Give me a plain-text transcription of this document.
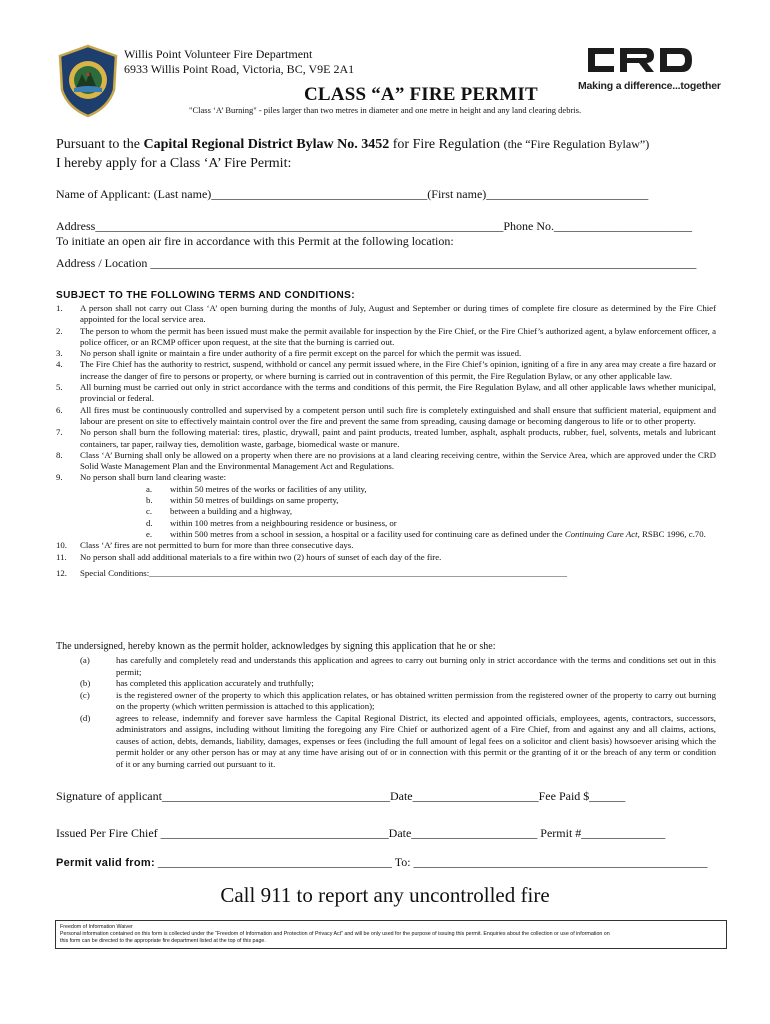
Willis Point Volunteer Fire Department
6933 Willis Point Road, Victoria, BC, V9E 2A1
Making a difference...together
CLASS “A” FIRE PERMIT
"Class ‘A’ Burning" - piles larger than two metres in diameter and one metre in height and any land clearing debris.
Pursuant to the Capital Regional District Bylaw No. 3452 for Fire Regulation (the “Fire Regulation Bylaw”)
I hereby apply for a Class ‘A’ Fire Permit:
Name of Applicant: (Last name)____________________________________(First name)___________________________
Address____________________________________________________________________Phone No._______________________
To initiate an open air fire in accordance with this Permit at the following location:
Address / Location ___________________________________________________________________________________________
SUBJECT TO THE FOLLOWING TERMS AND CONDITIONS:
1. A person shall not carry out Class ‘A’ open burning during the months of July, August and September or during times of complete fire closure as determined by the Fire Chief appointed for the local service area.
2. The person to whom the permit has been issued must make the permit available for inspection by the Fire Chief, or the Fire Chief’s authorized agent, a bylaw enforcement officer, a police officer, or an RCMP officer upon request, at the site that the burning is carried out.
3. No person shall ignite or maintain a fire under authority of a fire permit except on the parcel for which the permit was issued.
4. The Fire Chief has the authority to restrict, suspend, withhold or cancel any permit issued where, in the Fire Chief’s opinion, igniting of a fire in any area may create a fire hazard or increase the danger of fire to persons or property, or where burning is carried out in contravention of this permit, the Fire Regulation Bylaw, or any other applicable law.
5. All burning must be carried out only in strict accordance with the terms and conditions of this permit, the Fire Regulation Bylaw, and all other applicable laws whether municipal, provincial or federal.
6. All fires must be continuously controlled and supervised by a competent person until such fire is completely extinguished and shall ensure that sufficient material, equipment and labour are present on site to effectively maintain control over the fire and prevent the same from spreading, causing damage or becoming dangerous to life or to other property.
7. No person shall burn the following material: tires, plastic, drywall, paint and paint products, treated lumber, asphalt, asphalt products, rubber, fuel, solvents, metals and lubricant containers, tar paper, railway ties, demolition waste, garbage, biomedical waste or manure.
8. Class ‘A’ Burning shall only be allowed on a property when there are no provisions at a land clearing receiving centre, within the Service Area, which are approved under the CRD Solid Waste Management Plan and the Environmental Management Act and Regulations.
9. No person shall burn land clearing waste:
a. within 50 metres of the works or facilities of any utility,
b. within 50 metres of buildings on same property,
c. between a building and a highway,
d. within 100 metres from a neighbouring residence or business, or
e. within 500 metres from a school in session, a hospital or a facility used for continuing care as defined under the Continuing Care Act, RSBC 1996, c.70.
10. Class ‘A’ fires are not permitted to burn for more than three consecutive days.
11. No person shall add additional materials to a fire within two (2) hours of sunset of each day of the fire.
12. Special Conditions:_______________________________________________________________________________________________
The undersigned, hereby known as the permit holder, acknowledges by signing this application that he or she:
(a)	has carefully and completely read and understands this application and agrees to carry out burning only in strict accordance with the terms and conditions set out in this permit;
(b)	has completed this application accurately and truthfully;
(c)	is the registered owner of the property to which this application relates, or has obtained written permission from the registered owner of the property to carry out burning on the property (which written permission is attached to this application);
(d)	agrees to release, indemnify and forever save harmless the Capital Regional District, its elected and appointed officials, employees, agents, contractors, successors, administrators and assigns, including without limiting the foregoing any Fire Chief or authorized agent of a Fire Chief, from and against any and all claims, actions, causes of action, debts, demands, liability, damages, expenses or fees (including the full amount of legal fees on a solicitor and client basis) howsoever arising which the permit holder or any other person has or may at any time have arising out of or in connection with this permit or the granting of it or the breach of any term or condition of it or any burning carried out pursuant to it.
Signature of applicant______________________________________Date_____________________Fee Paid $______
Issued Per Fire Chief ______________________________________Date_____________________ Permit #______________
Permit valid from: _______________________________________ To: _________________________________________________
Call 911 to report any uncontrolled fire
Freedom of Information Waiver
Personal information contained on this form is collected under the “Freedom of Information and Protection of Privacy Act” and will be only used for the purpose of issuing this permit. Enquiries about the collection or use of information on
this form can be directed to the appropriate fire department listed at the top of this page.
